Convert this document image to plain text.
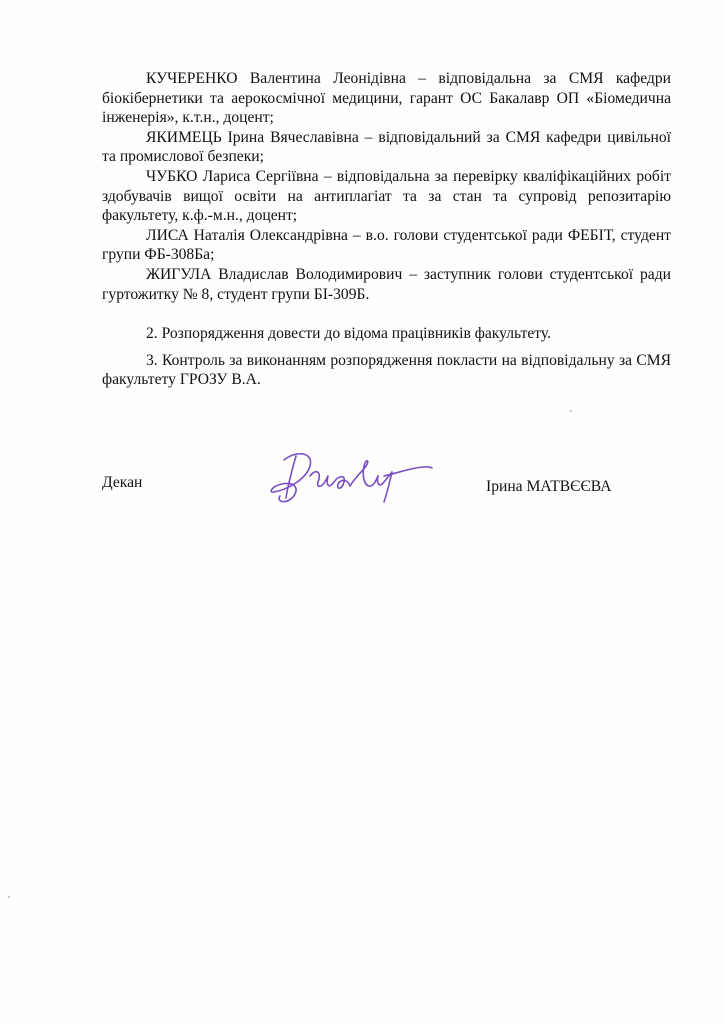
КУЧЕРЕНКО Валентина Леонідівна – відповідальна за СМЯ кафедри біокібернетики та аерокосмічної медицини, гарант ОС Бакалавр ОП «Біомедична інженерія», к.т.н., доцент;

ЯКИМЕЦЬ Ірина Вячеславівна – відповідальний за СМЯ кафедри цивільної та промислової безпеки;

ЧУБКО Лариса Сергіївна – відповідальна за перевірку кваліфікаційних робіт здобувачів вищої освіти на антиплагіат та за стан та супровід репозитарію факультету, к.ф.-м.н., доцент;

ЛИСА Наталія Олександрівна – в.о. голови студентської ради ФЕБІТ, студент групи ФБ-308Ба;

ЖИГУЛА Владислав Володимирович – заступник голови студентської ради гуртожитку № 8, студент групи БІ-309Б.

2. Розпорядження довести до відома працівників факультету.

3. Контроль за виконанням розпорядження покласти на відповідальну за СМЯ факультету ГРОЗУ В.А.

Декан	Ірина МАТВЄЄВА
